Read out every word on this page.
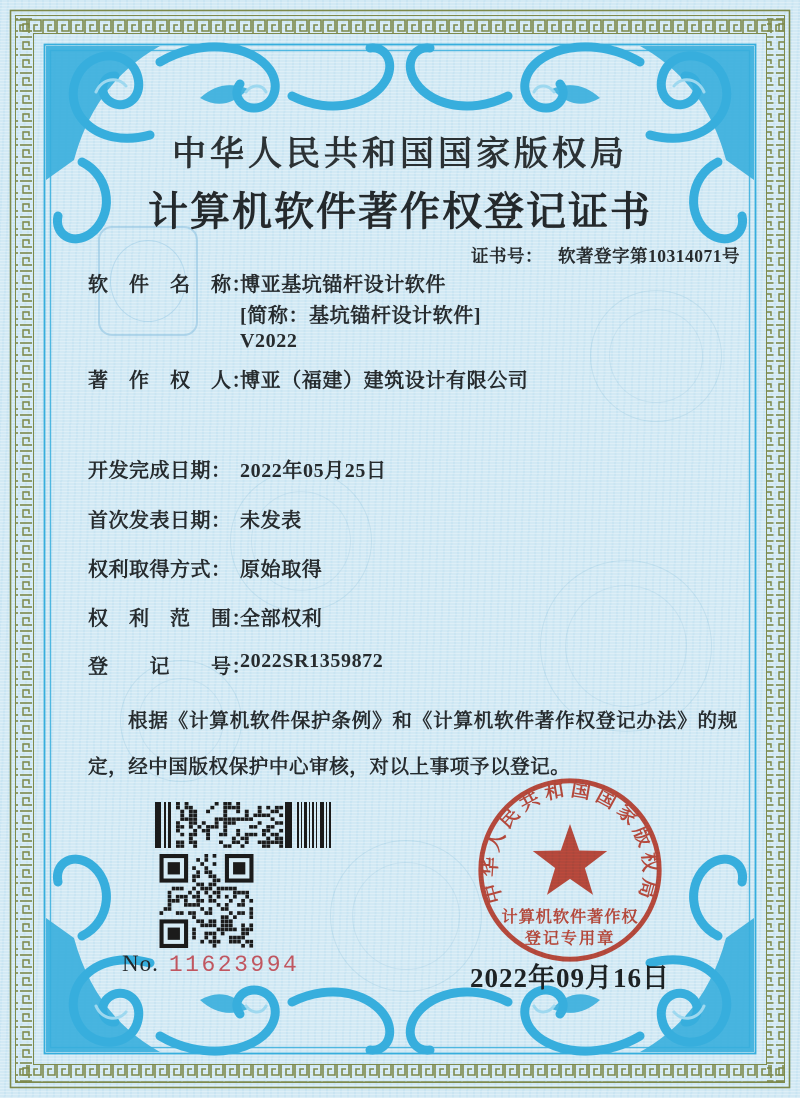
中华人民共和国国家版权局
计算机软件著作权登记证书
证书号： 软著登字第10314071号
软　件　名　称：
博亚基坑锚杆设计软件
[简称：基坑锚杆设计软件]
V2022
著　作　权　人：
博亚（福建）建筑设计有限公司
开发完成日期： 2022年05月25日
首次发表日期： 未发表
权利取得方式： 原始取得
权　利　范　围：
全部权利
登　　记　　号：
2022SR1359872

根据《计算机软件保护条例》和《计算机软件著作权登记办法》的规定，经中国版权保护中心审核，对以上事项予以登记。

No. 11623994
中华人民共和国国家版权局
计算机软件著作权
登记专用章
2022年09月16日
